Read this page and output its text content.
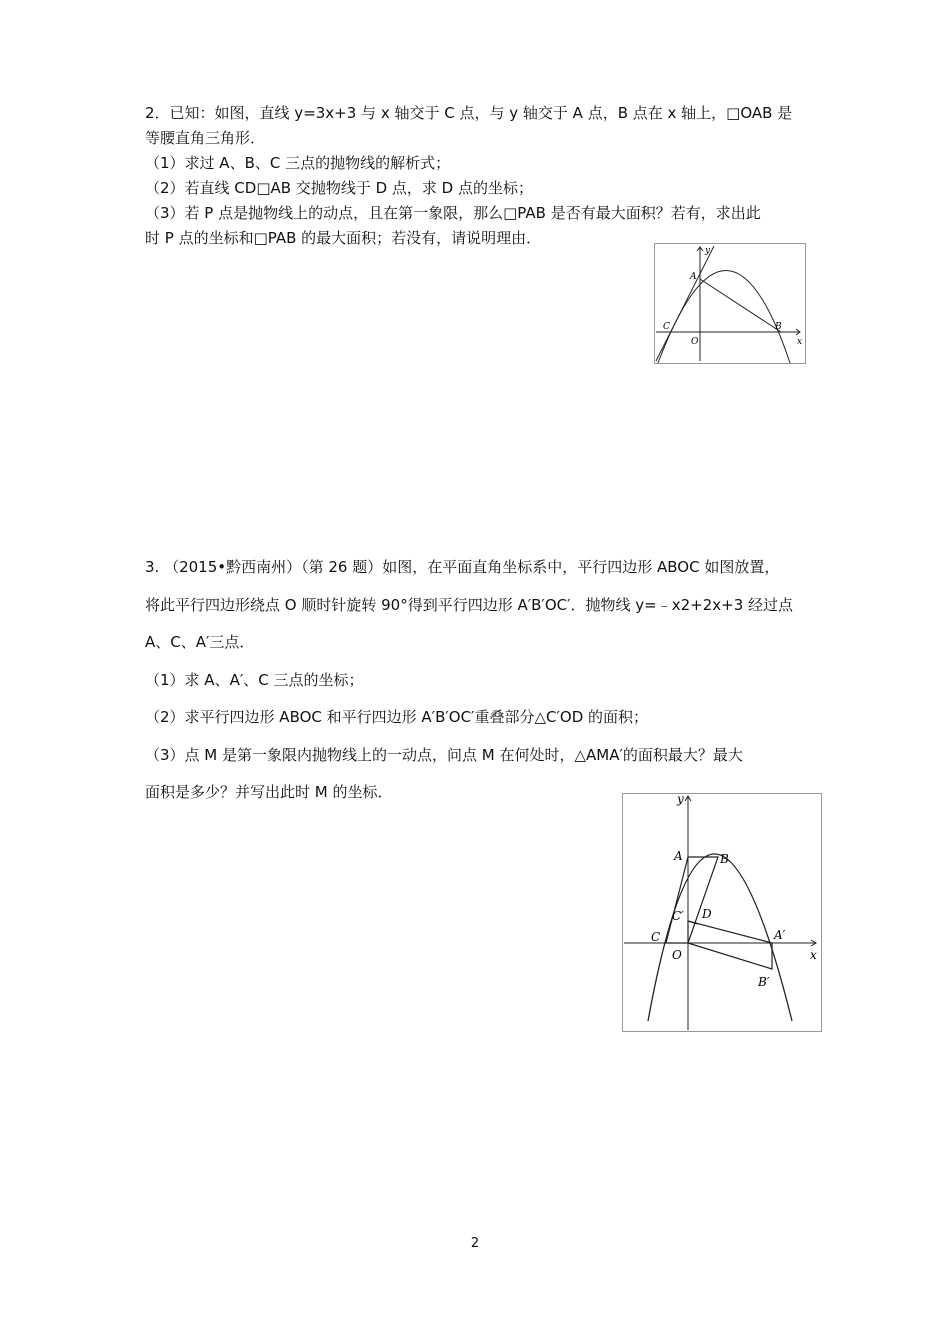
2．已知：如图，直线 y=3x+3 与 x 轴交于 C 点，与 y 轴交于 A 点，B 点在 x 轴上，□OAB 是
等腰直角三角形．
（1）求过 A、B、C 三点的抛物线的解析式；
（2）若直线 CD□AB 交抛物线于 D 点，求 D 点的坐标；
（3）若 P 点是抛物线上的动点，且在第一象限，那么□PAB 是否有最大面积？若有，求出此
时 P 点的坐标和□PAB 的最大面积；若没有，请说明理由．
y
A
C
O
B
x
3. （2015•黔西南州）（第 26 题）如图，在平面直角坐标系中，平行四边形 ABOC 如图放置，
将此平行四边形绕点 O 顺时针旋转 90°得到平行四边形 A′B′OC′．抛物线 y=﹣x2+2x+3 经过点
A、C、A′三点．
（1）求 A、A′、C 三点的坐标；
（2）求平行四边形 ABOC 和平行四边形 A′B′OC′重叠部分△C′OD 的面积；
（3）点 M 是第一象限内抛物线上的一动点，问点 M 在何处时，△AMA′的面积最大？最大
面积是多少？并写出此时 M 的坐标．	y
A	B
C′ D
C	A′
O	x
B′
2
